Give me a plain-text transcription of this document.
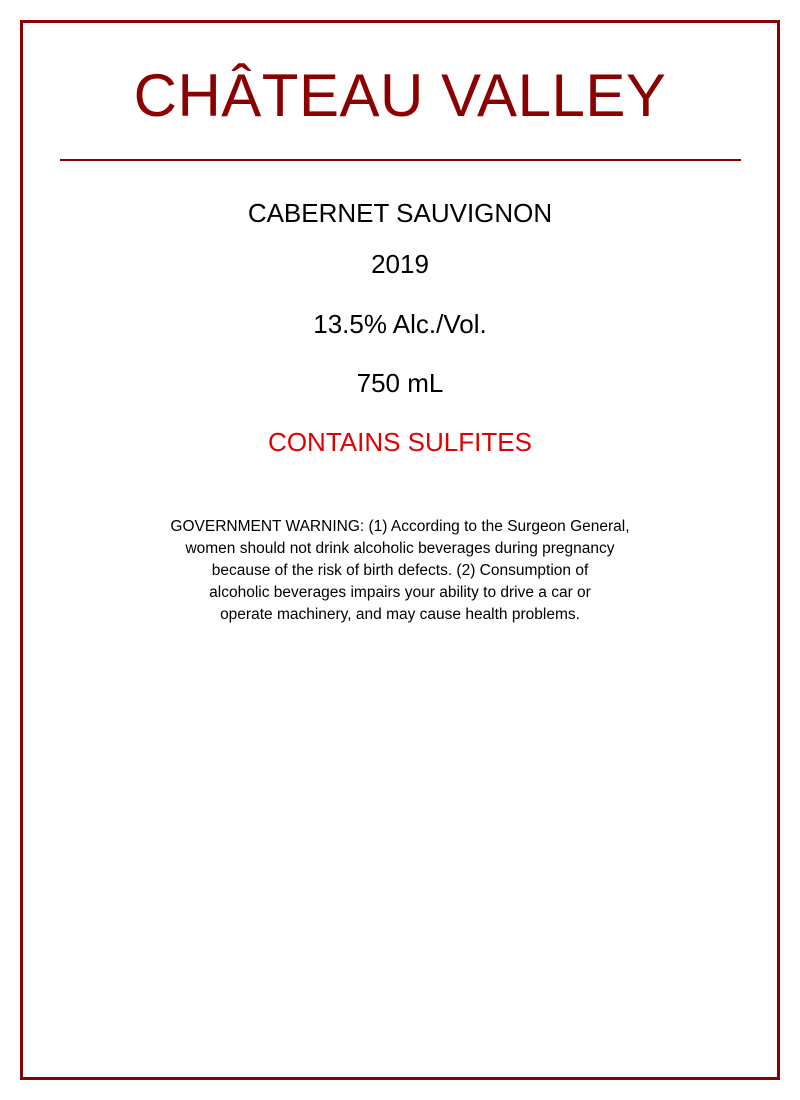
CHÂTEAU VALLEY
CABERNET SAUVIGNON
2019
13.5% Alc./Vol.
750 mL
CONTAINS SULFITES
GOVERNMENT WARNING: (1) According to the Surgeon General,
women should not drink alcoholic beverages during pregnancy
because of the risk of birth defects. (2) Consumption of
alcoholic beverages impairs your ability to drive a car or
operate machinery, and may cause health problems.
